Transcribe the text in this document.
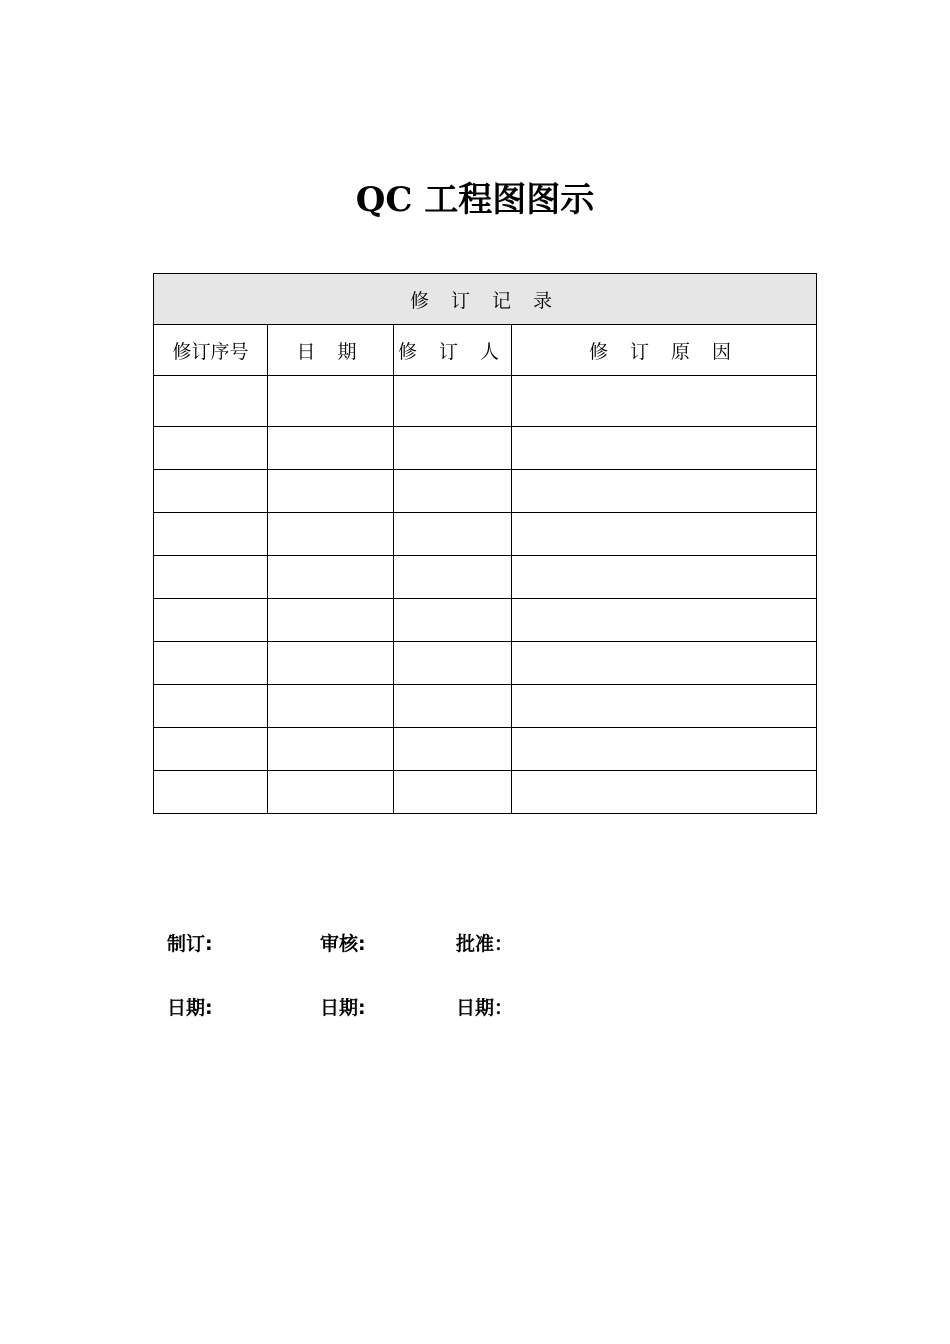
QC 工程图图示
修 订 记 录			
修订序号	日 期	修 订 人	修 订 原 因

制订:	审核:	批准：
日期:	日期:	日期：
